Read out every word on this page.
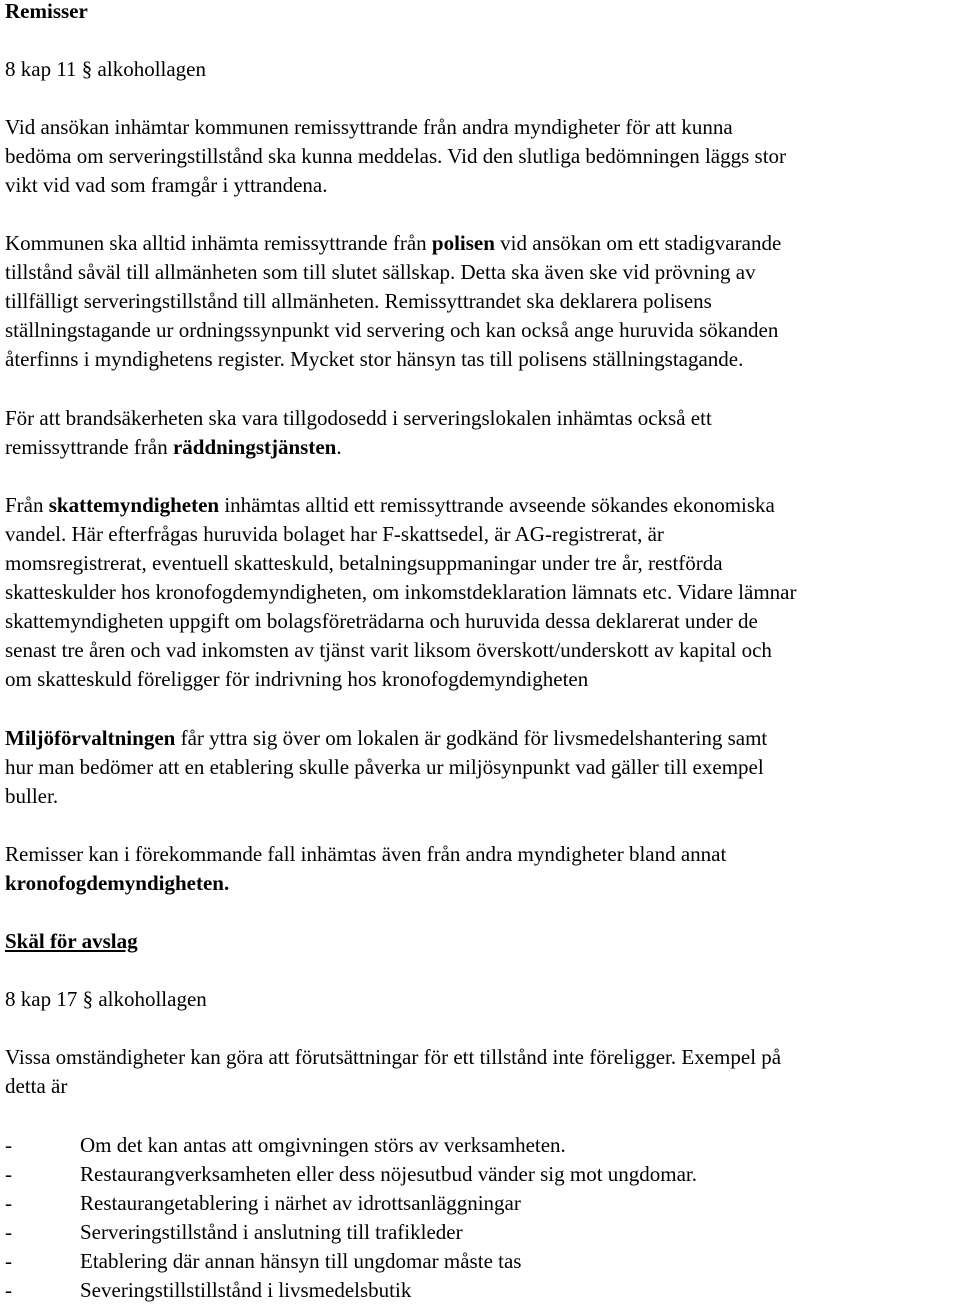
Remisser
8 kap 11 § alkohollagen
Vid ansökan inhämtar kommunen remissyttrande från andra myndigheter för att kunna
bedöma om serveringstillstånd ska kunna meddelas. Vid den slutliga bedömningen läggs stor
vikt vid vad som framgår i yttrandena.
Kommunen ska alltid inhämta remissyttrande från polisen vid ansökan om ett stadigvarande
tillstånd såväl till allmänheten som till slutet sällskap. Detta ska även ske vid prövning av
tillfälligt serveringstillstånd till allmänheten. Remissyttrandet ska deklarera polisens
ställningstagande ur ordningssynpunkt vid servering och kan också ange huruvida sökanden
återfinns i myndighetens register. Mycket stor hänsyn tas till polisens ställningstagande.
För att brandsäkerheten ska vara tillgodosedd i serveringslokalen inhämtas också ett
remissyttrande från räddningstjänsten.
Från skattemyndigheten inhämtas alltid ett remissyttrande avseende sökandes ekonomiska
vandel. Här efterfrågas huruvida bolaget har F-skattsedel, är AG-registrerat, är
momsregistrerat, eventuell skatteskuld, betalningsuppmaningar under tre år, restförda
skatteskulder hos kronofogdemyndigheten, om inkomstdeklaration lämnats etc. Vidare lämnar
skattemyndigheten uppgift om bolagsföreträdarna och huruvida dessa deklarerat under de
senast tre åren och vad inkomsten av tjänst varit liksom överskott/underskott av kapital och
om skatteskuld föreligger för indrivning hos kronofogdemyndigheten
Miljöförvaltningen får yttra sig över om lokalen är godkänd för livsmedelshantering samt
hur man bedömer att en etablering skulle påverka ur miljösynpunkt vad gäller till exempel
buller.
Remisser kan i förekommande fall inhämtas även från andra myndigheter bland annat
kronofogdemyndigheten.
Skäl för avslag
8 kap 17 § alkohollagen
Vissa omständigheter kan göra att förutsättningar för ett tillstånd inte föreligger. Exempel på
detta är
-	Om det kan antas att omgivningen störs av verksamheten.
-	Restaurangverksamheten eller dess nöjesutbud vänder sig mot ungdomar.
-	Restaurangetablering i närhet av idrottsanläggningar
-	Serveringstillstånd i anslutning till trafikleder
-	Etablering där annan hänsyn till ungdomar måste tas
-	Severingstillstillstånd i livsmedelsbutik
